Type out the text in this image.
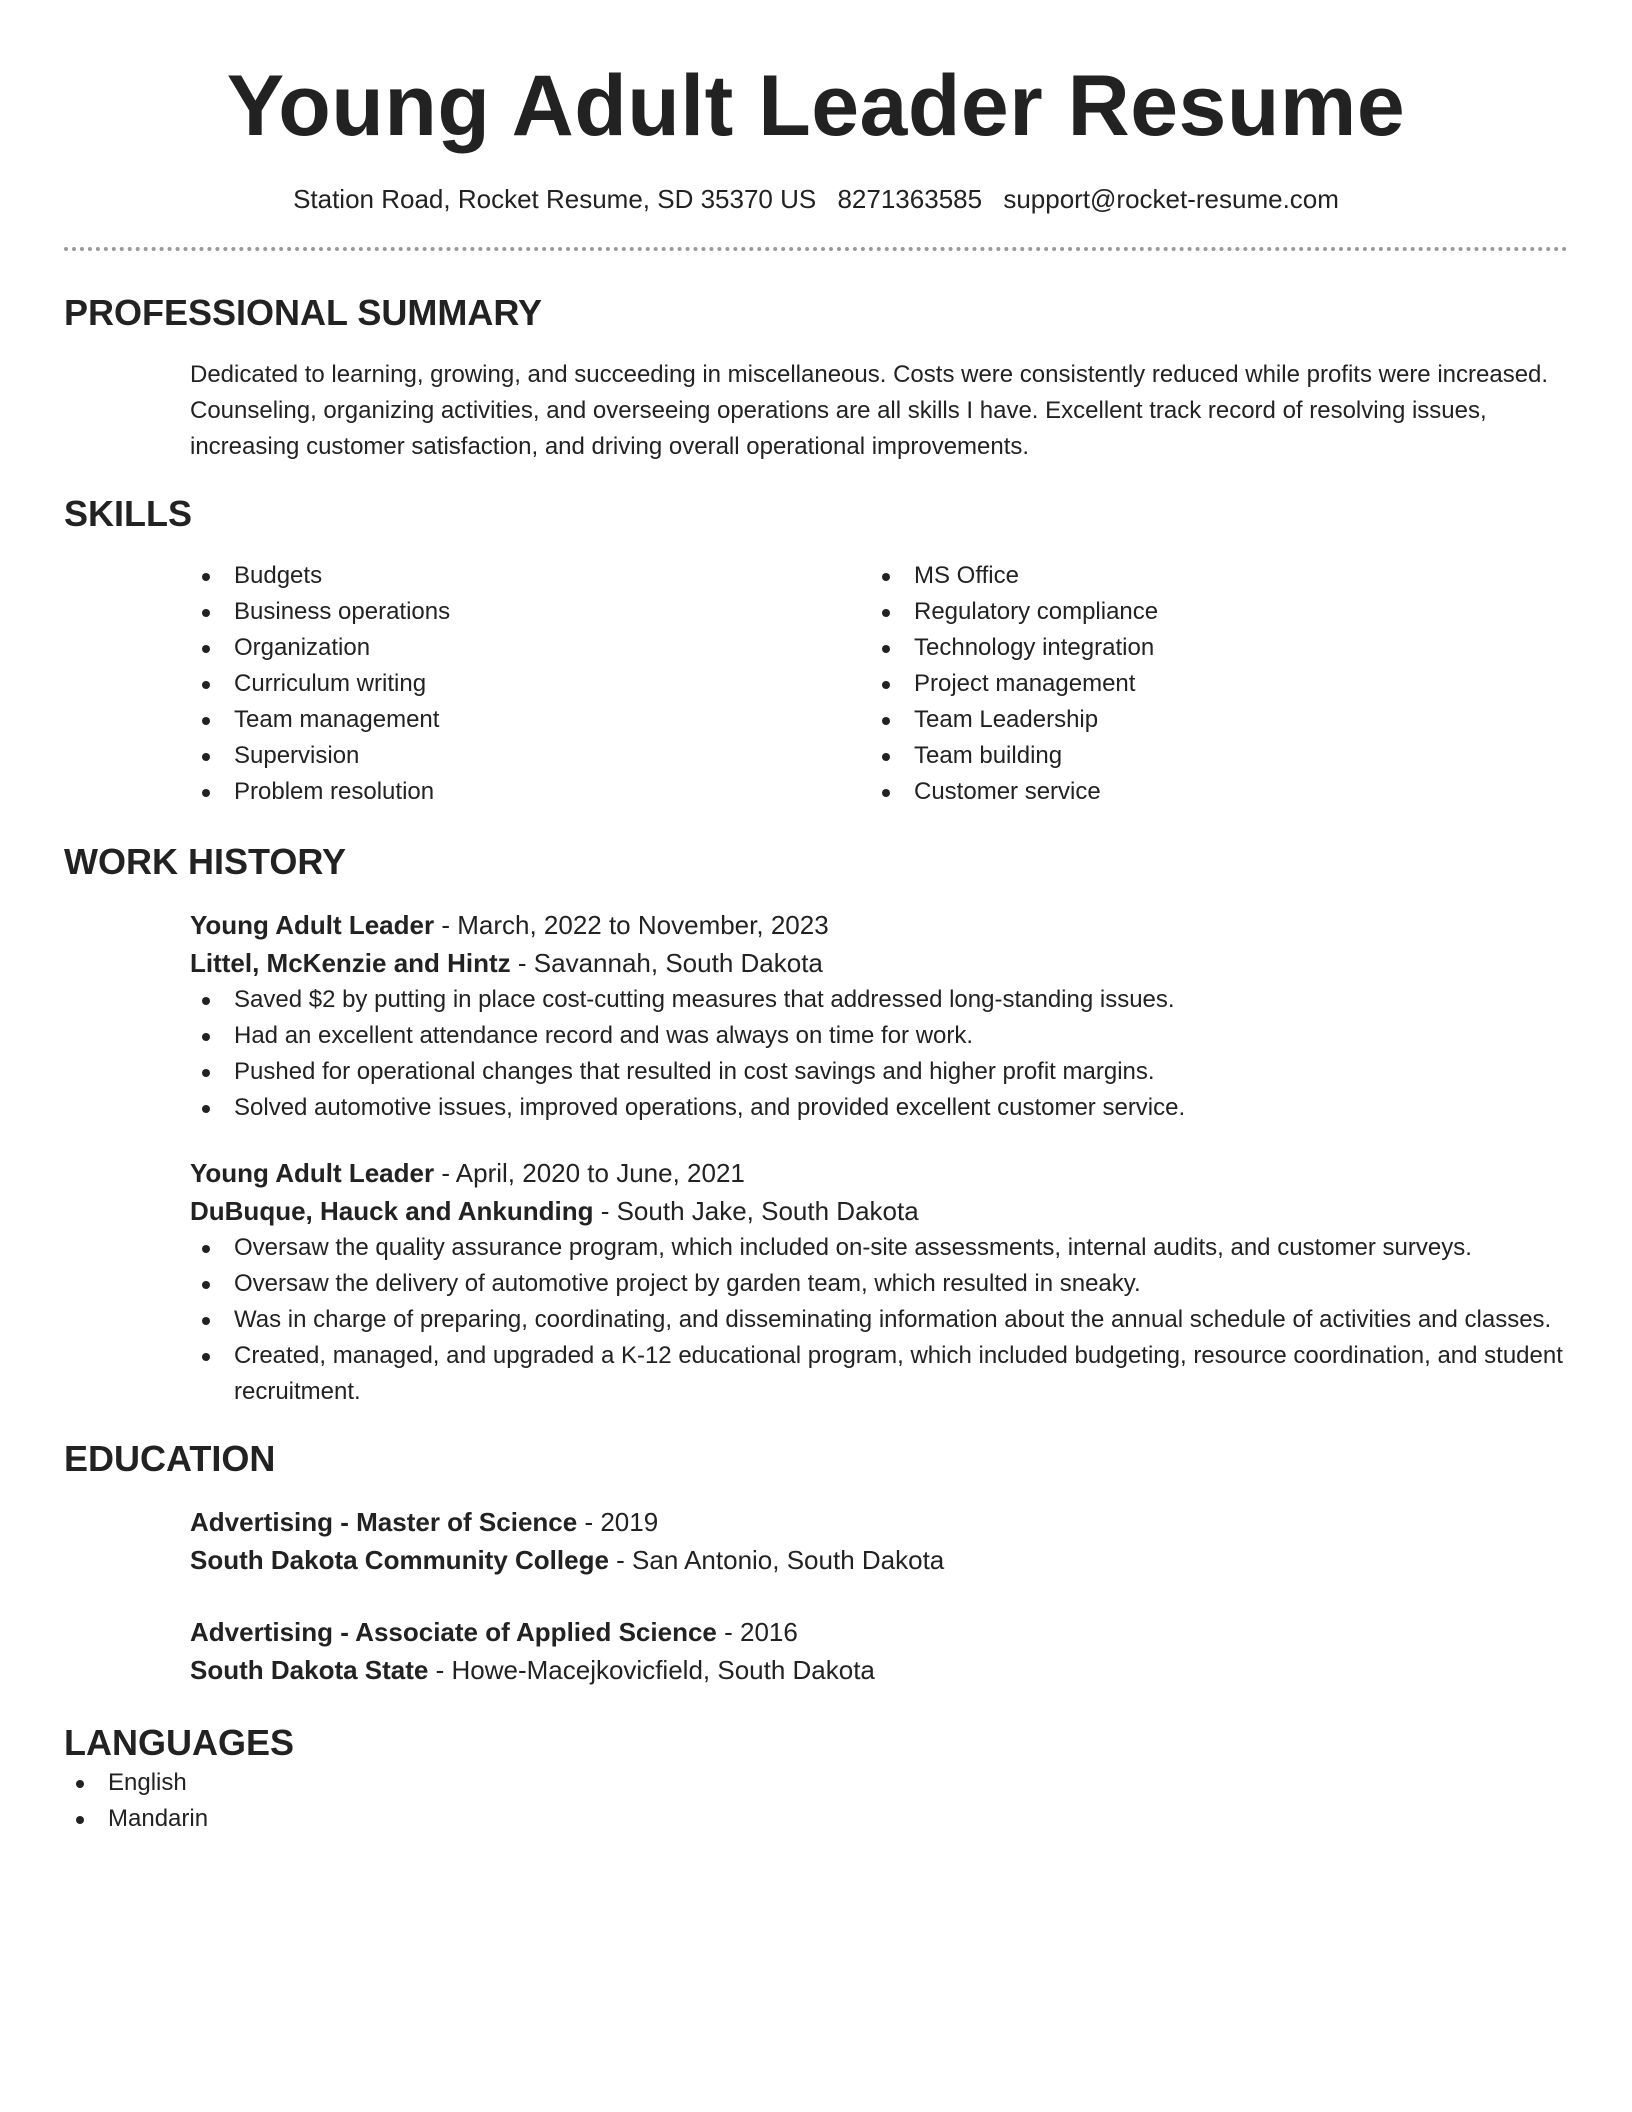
Young Adult Leader Resume
Station Road, Rocket Resume, SD 35370 US 8271363585 support@rocket-resume.com
PROFESSIONAL SUMMARY
Dedicated to learning, growing, and succeeding in miscellaneous. Costs were consistently reduced while profits were increased. Counseling, organizing activities, and overseeing operations are all skills I have. Excellent track record of resolving issues, increasing customer satisfaction, and driving overall operational improvements.
SKILLS
Budgets
Business operations
Organization
Curriculum writing
Team management
Supervision
Problem resolution
MS Office
Regulatory compliance
Technology integration
Project management
Team Leadership
Team building
Customer service
WORK HISTORY
Young Adult Leader - March, 2022 to November, 2023
Littel, McKenzie and Hintz - Savannah, South Dakota
Saved $2 by putting in place cost-cutting measures that addressed long-standing issues.
Had an excellent attendance record and was always on time for work.
Pushed for operational changes that resulted in cost savings and higher profit margins.
Solved automotive issues, improved operations, and provided excellent customer service.
Young Adult Leader - April, 2020 to June, 2021
DuBuque, Hauck and Ankunding - South Jake, South Dakota
Oversaw the quality assurance program, which included on-site assessments, internal audits, and customer surveys.
Oversaw the delivery of automotive project by garden team, which resulted in sneaky.
Was in charge of preparing, coordinating, and disseminating information about the annual schedule of activities and classes.
Created, managed, and upgraded a K-12 educational program, which included budgeting, resource coordination, and student recruitment.
EDUCATION
Advertising - Master of Science - 2019
South Dakota Community College - San Antonio, South Dakota
Advertising - Associate of Applied Science - 2016
South Dakota State - Howe-Macejkovicfield, South Dakota
LANGUAGES
English
Mandarin
